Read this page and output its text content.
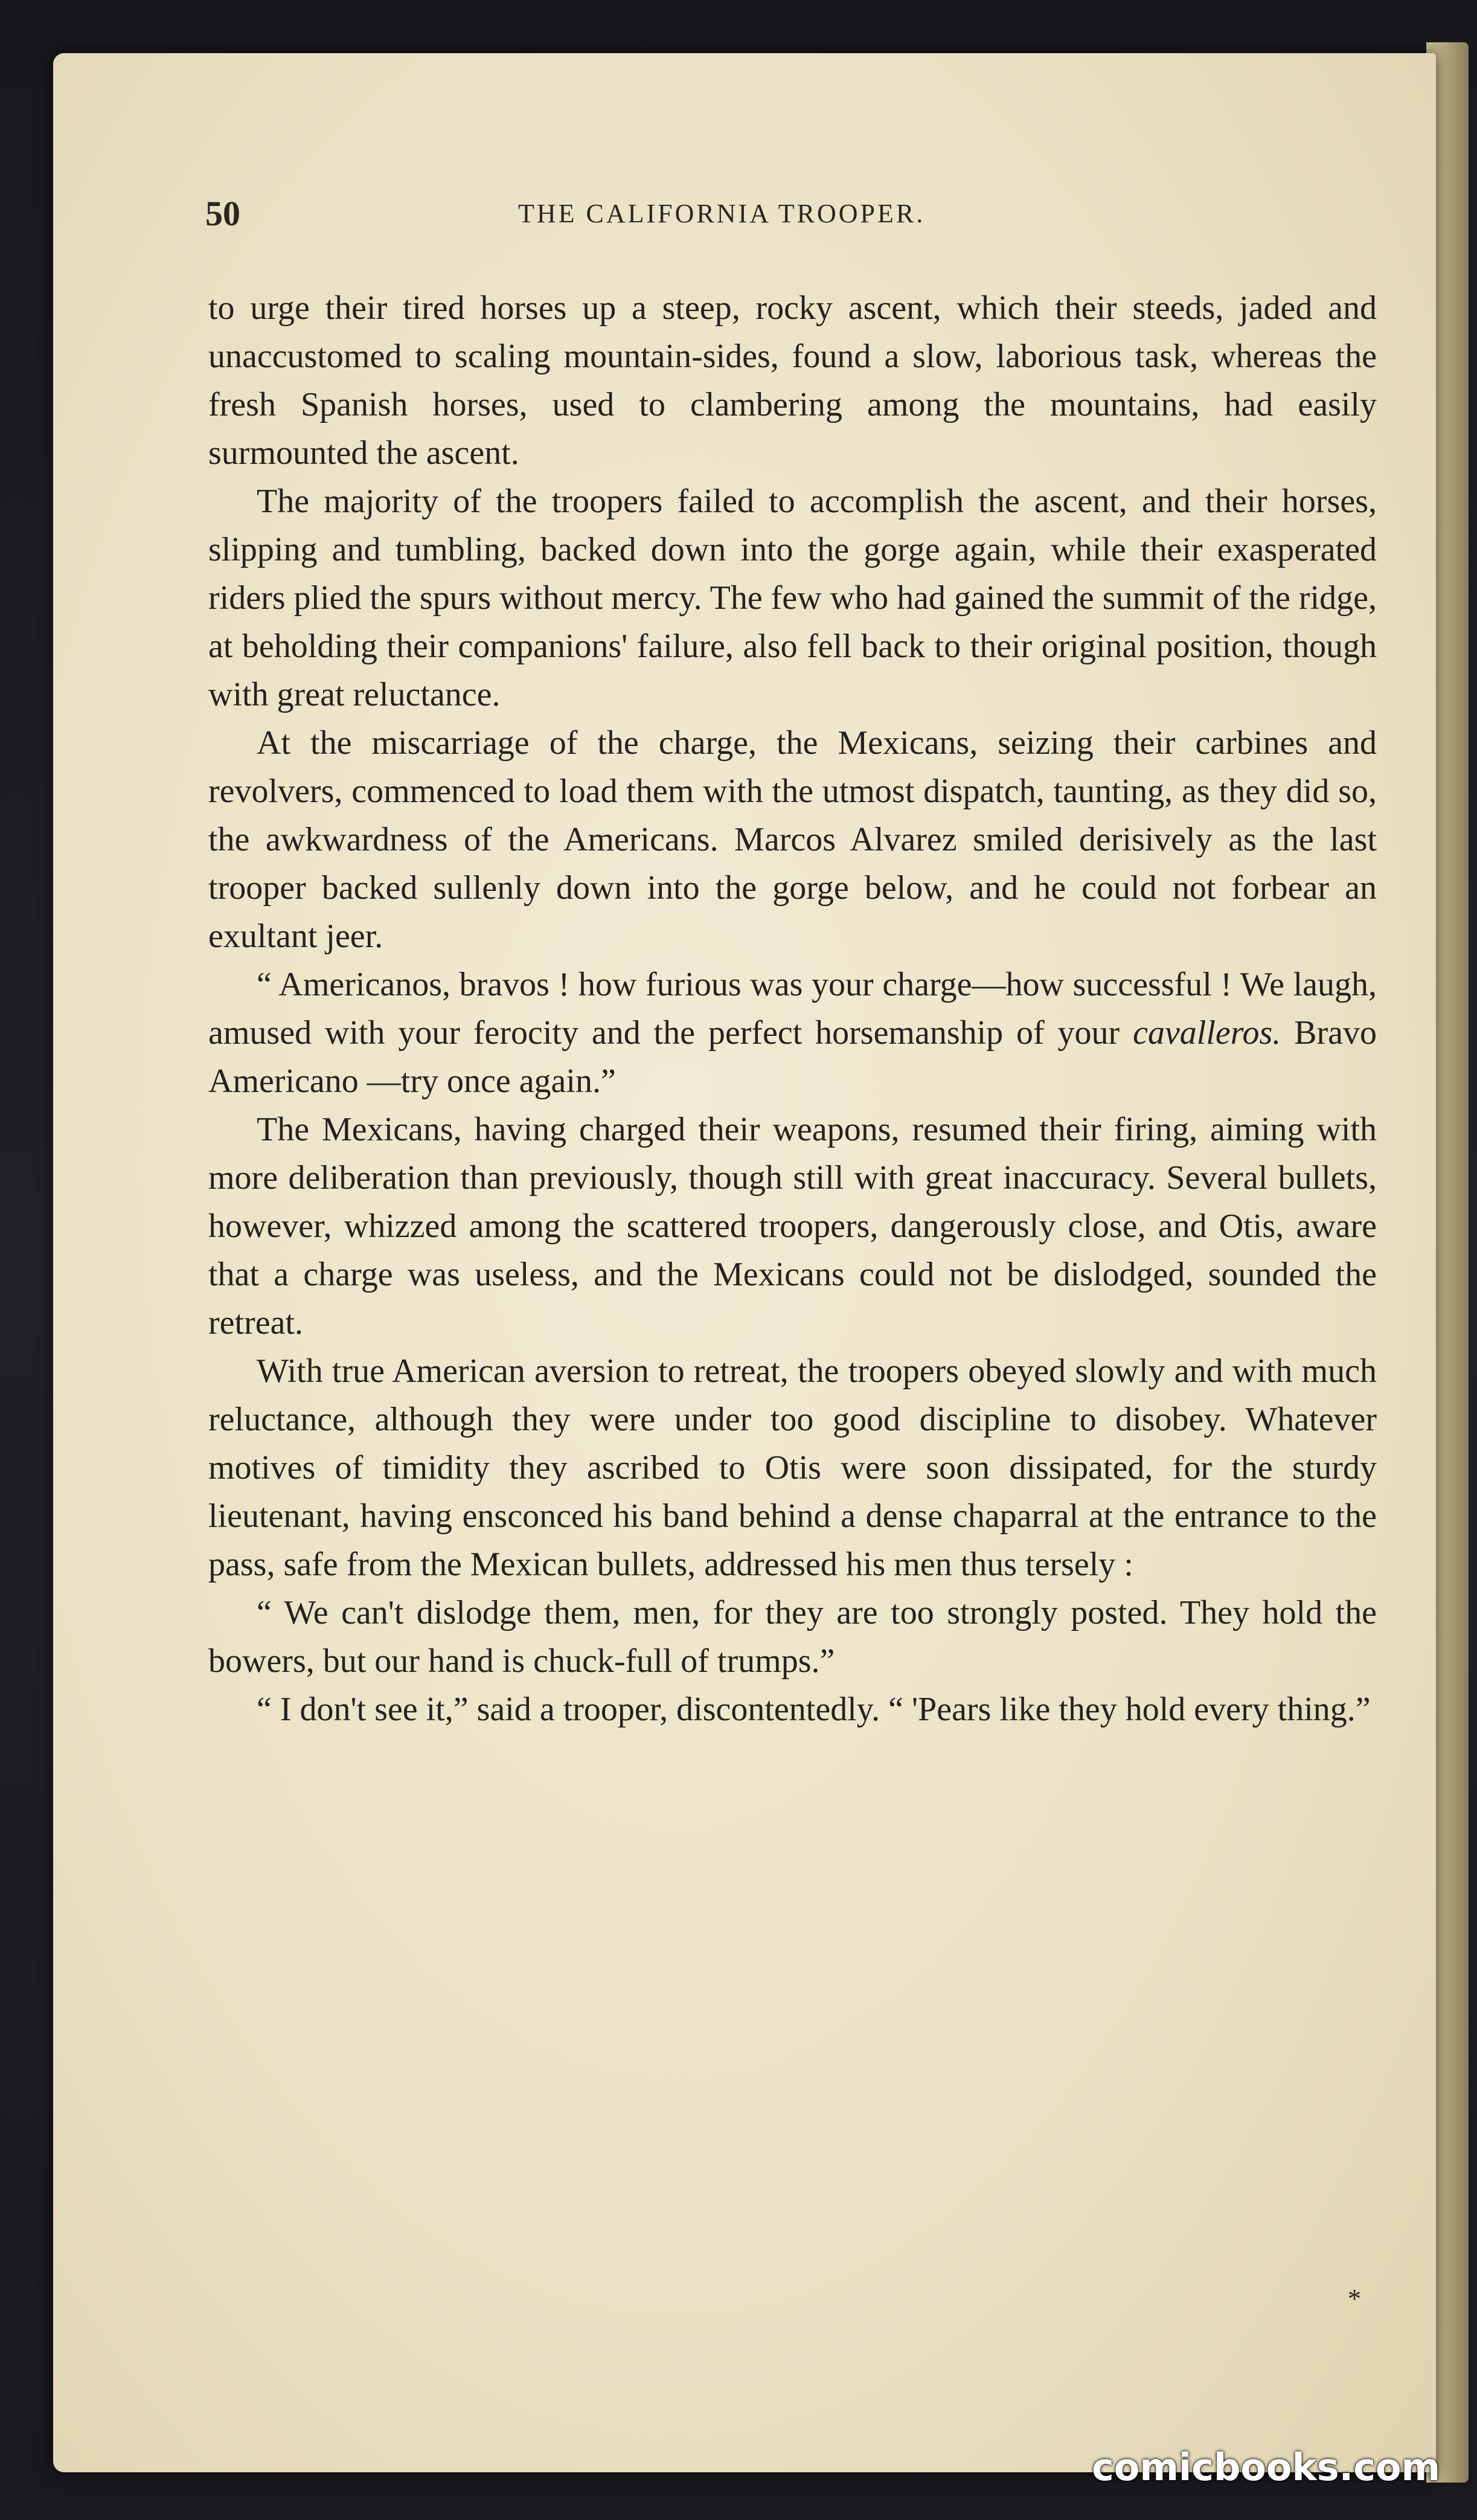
50	THE CALIFORNIA TROOPER.

to urge their tired horses up a steep, rocky ascent, which their steeds, jaded and unaccustomed to scaling mountain-sides, found a slow, laborious task, whereas the fresh Spanish horses, used to clambering among the mountains, had easily surmounted the ascent.

The majority of the troopers failed to accomplish the ascent, and their horses, slipping and tumbling, backed down into the gorge again, while their exasperated riders plied the spurs without mercy. The few who had gained the summit of the ridge, at beholding their companions' failure, also fell back to their original position, though with great reluctance.

At the miscarriage of the charge, the Mexicans, seizing their carbines and revolvers, commenced to load them with the utmost dispatch, taunting, as they did so, the awkwardness of the Americans. Marcos Alvarez smiled derisively as the last trooper backed sullenly down into the gorge below, and he could not forbear an exultant jeer.

“ Americanos, bravos ! how furious was your charge—how successful ! We laugh, amused with your ferocity and the perfect horsemanship of your cavalleros. Bravo Americano —try once again.”

The Mexicans, having charged their weapons, resumed their firing, aiming with more deliberation than previously, though still with great inaccuracy. Several bullets, however, whizzed among the scattered troopers, dangerously close, and Otis, aware that a charge was useless, and the Mexicans could not be dislodged, sounded the retreat.

With true American aversion to retreat, the troopers obeyed slowly and with much reluctance, although they were under too good discipline to disobey. Whatever motives of timidity they ascribed to Otis were soon dissipated, for the sturdy lieutenant, having ensconced his band behind a dense chaparral at the entrance to the pass, safe from the Mexican bullets, addressed his men thus tersely :

“ We can't dislodge them, men, for they are too strongly posted. They hold the bowers, but our hand is chuck-full of trumps.”

“ I don't see it,” said a trooper, discontentedly. “ 'Pears like they hold every thing.”

*
comicbooks.com
